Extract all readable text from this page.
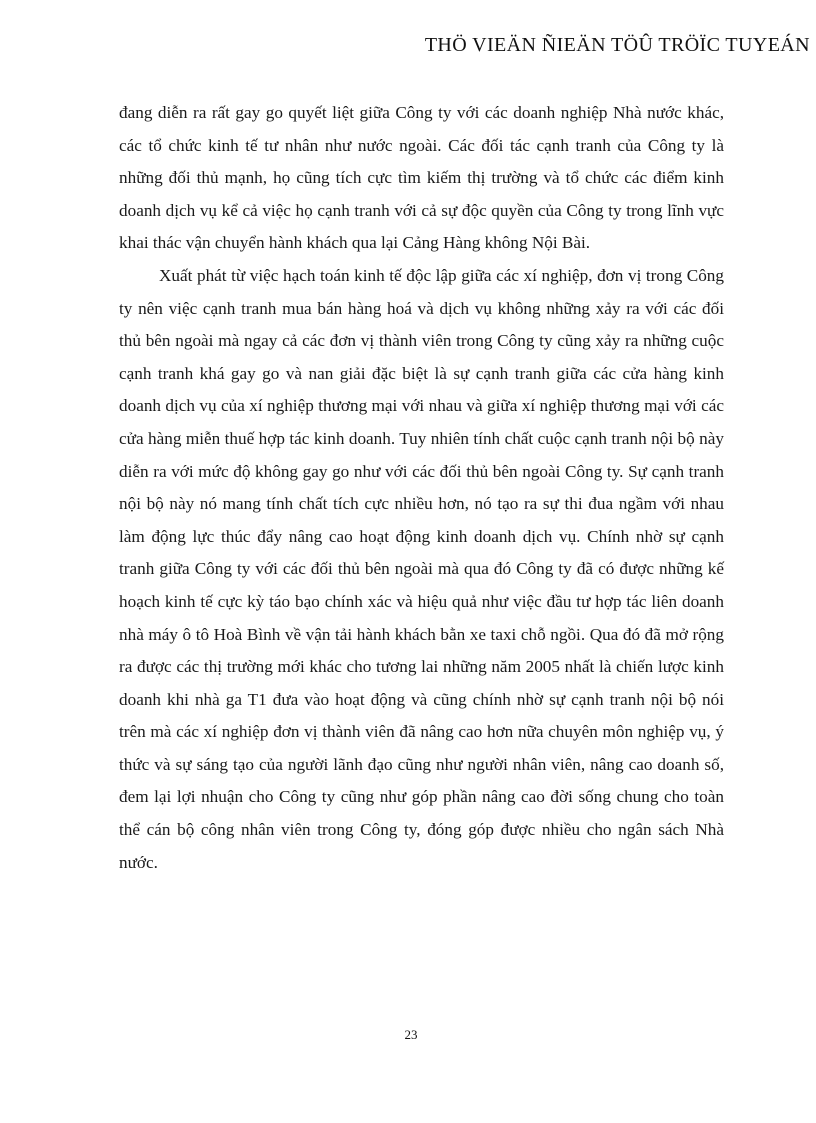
THÖ VIEÄN ÑIEÄN TÖÛ TRÖÏC TUYEÁN

đang diễn ra rất gay go quyết liệt giữa Công ty với các doanh nghiệp Nhà nước khác, các tổ chức kinh tế tư nhân như nước ngoài. Các đối tác cạnh tranh của Công ty là những đối thủ mạnh, họ cũng tích cực tìm kiếm thị trường và tổ chức các điểm kinh doanh dịch vụ kể cả việc họ cạnh tranh với cả sự độc quyền của Công ty trong lĩnh vực khai thác vận chuyển hành khách qua lại Cảng Hàng không Nội Bài.

Xuất phát từ việc hạch toán kinh tế độc lập giữa các xí nghiệp, đơn vị trong Công ty nên việc cạnh tranh mua bán hàng hoá và dịch vụ không những xảy ra với các đối thủ bên ngoài mà ngay cả các đơn vị thành viên trong Công ty cũng xảy ra những cuộc cạnh tranh khá gay go và nan giải đặc biệt là sự cạnh tranh giữa các cửa hàng kinh doanh dịch vụ của xí nghiệp thương mại với nhau và giữa xí nghiệp thương mại với các cửa hàng miễn thuế hợp tác kinh doanh. Tuy nhiên tính chất cuộc cạnh tranh nội bộ này diễn ra với mức độ không gay go như với các đối thủ bên ngoài Công ty. Sự cạnh tranh nội bộ này nó mang tính chất tích cực nhiều hơn, nó tạo ra sự thi đua ngầm với nhau làm động lực thúc đẩy nâng cao hoạt động kinh doanh dịch vụ. Chính nhờ sự cạnh tranh giữa Công ty với các đối thủ bên ngoài mà qua đó Công ty đã có được những kế hoạch kinh tế cực kỳ táo bạo chính xác và hiệu quả như việc đầu tư hợp tác liên doanh nhà máy ô tô Hoà Bình về vận tải hành khách bằn xe taxi chỗ ngồi. Qua đó đã mở rộng ra được các thị trường mới khác cho tương lai những năm 2005 nhất là chiến lược kinh doanh khi nhà ga T1 đưa vào hoạt động và cũng chính nhờ sự cạnh tranh nội bộ nói trên mà các xí nghiệp đơn vị thành viên đã nâng cao hơn nữa chuyên môn nghiệp vụ, ý thức và sự sáng tạo của người lãnh đạo cũng như người nhân viên, nâng cao doanh số, đem lại lợi nhuận cho Công ty cũng như góp phần nâng cao đời sống chung cho toàn thể cán bộ công nhân viên trong Công ty, đóng góp được nhiều cho ngân sách Nhà nước.

23
